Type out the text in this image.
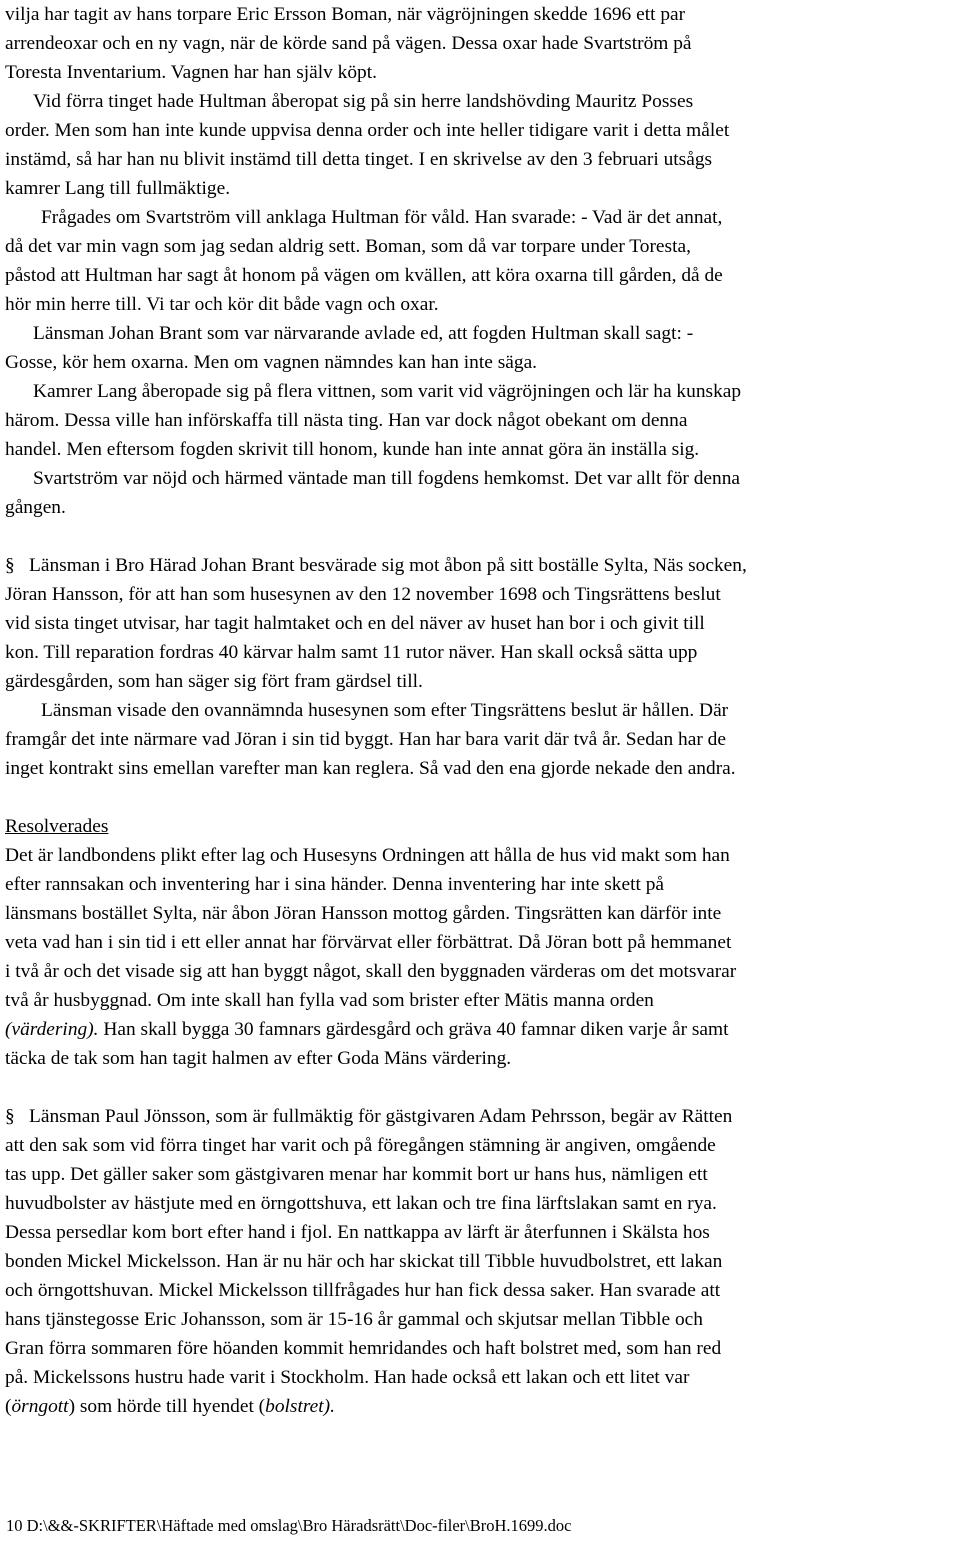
vilja har tagit av hans torpare Eric Ersson Boman, när vägröjningen skedde 1696 ett par
arrendeoxar och en ny vagn, när de körde sand på vägen. Dessa oxar hade Svartström på
Toresta Inventarium. Vagnen har han själv köpt.
Vid förra tinget hade Hultman åberopat sig på sin herre landshövding Mauritz Posses
order. Men som han inte kunde uppvisa denna order och inte heller tidigare varit i detta målet
instämd, så har han nu blivit instämd till detta tinget. I en skrivelse av den 3 februari utsågs
kamrer Lang till fullmäktige.
Frågades om Svartström vill anklaga Hultman för våld. Han svarade: - Vad är det annat,
då det var min vagn som jag sedan aldrig sett. Boman, som då var torpare under Toresta,
påstod att Hultman har sagt åt honom på vägen om kvällen, att köra oxarna till gården, då de
hör min herre till. Vi tar och kör dit både vagn och oxar.
Länsman Johan Brant som var närvarande avlade ed, att fogden Hultman skall sagt: -
Gosse, kör hem oxarna. Men om vagnen nämndes kan han inte säga.
Kamrer Lang åberopade sig på flera vittnen, som varit vid vägröjningen och lär ha kunskap
härom. Dessa ville han införskaffa till nästa ting. Han var dock något obekant om denna
handel. Men eftersom fogden skrivit till honom, kunde han inte annat göra än inställa sig.
Svartström var nöjd och härmed väntade man till fogdens hemkomst. Det var allt för denna
gången.
§ Länsman i Bro Härad Johan Brant besvärade sig mot åbon på sitt boställe Sylta, Näs socken,
Jöran Hansson, för att han som husesynen av den 12 november 1698 och Tingsrättens beslut
vid sista tinget utvisar, har tagit halmtaket och en del näver av huset han bor i och givit till
kon. Till reparation fordras 40 kärvar halm samt 11 rutor näver. Han skall också sätta upp
gärdesgården, som han säger sig fört fram gärdsel till.
Länsman visade den ovannämnda husesynen som efter Tingsrättens beslut är hållen. Där
framgår det inte närmare vad Jöran i sin tid byggt. Han har bara varit där två år. Sedan har de
inget kontrakt sins emellan varefter man kan reglera. Så vad den ena gjorde nekade den andra.
Resolverades
Det är landbondens plikt efter lag och Husesyns Ordningen att hålla de hus vid makt som han
efter rannsakan och inventering har i sina händer. Denna inventering har inte skett på
länsmans bostället Sylta, när åbon Jöran Hansson mottog gården. Tingsrätten kan därför inte
veta vad han i sin tid i ett eller annat har förvärvat eller förbättrat. Då Jöran bott på hemmanet
i två år och det visade sig att han byggt något, skall den byggnaden värderas om det motsvarar
två år husbyggnad. Om inte skall han fylla vad som brister efter Mätis manna orden
(värdering). Han skall bygga 30 famnars gärdesgård och gräva 40 famnar diken varje år samt
täcka de tak som han tagit halmen av efter Goda Mäns värdering.
§ Länsman Paul Jönsson, som är fullmäktig för gästgivaren Adam Pehrsson, begär av Rätten
att den sak som vid förra tinget har varit och på föregången stämning är angiven, omgående
tas upp. Det gäller saker som gästgivaren menar har kommit bort ur hans hus, nämligen ett
huvudbolster av hästjute med en örngottshuva, ett lakan och tre fina lärftslakan samt en rya.
Dessa persedlar kom bort efter hand i fjol. En nattkappa av lärft är återfunnen i Skälsta hos
bonden Mickel Mickelsson. Han är nu här och har skickat till Tibble huvudbolstret, ett lakan
och örngottshuvan. Mickel Mickelsson tillfrågades hur han fick dessa saker. Han svarade att
hans tjänstegosse Eric Johansson, som är 15-16 år gammal och skjutsar mellan Tibble och
Gran förra sommaren före höanden kommit hemridandes och haft bolstret med, som han red
på. Mickelssons hustru hade varit i Stockholm. Han hade också ett lakan och ett litet var
(örngott) som hörde till hyendet (bolstret).
10 D:\&&-SKRIFTER\Häftade med omslag\Bro Häradsrätt\Doc-filer\BroH.1699.doc
